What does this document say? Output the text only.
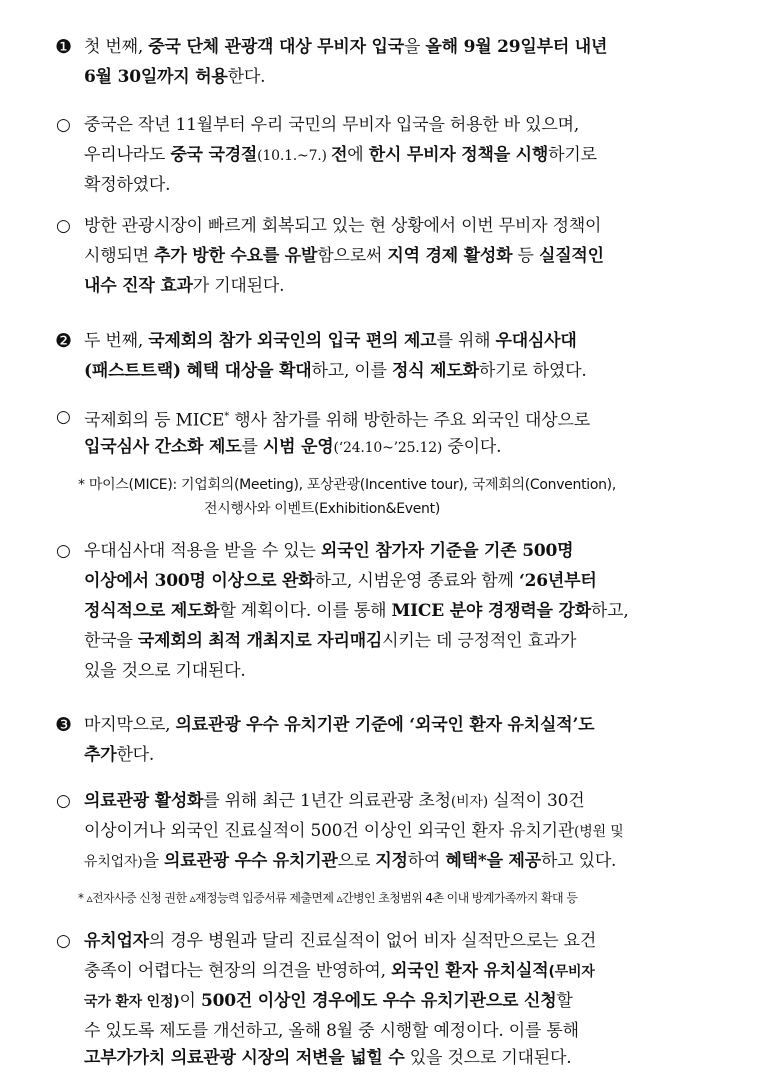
❶ 첫 번째, 중국 단체 관광객 대상 무비자 입국을 올해 9월 29일부터 내년
6월 30일까지 허용한다.
○ 중국은 작년 11월부터 우리 국민의 무비자 입국을 허용한 바 있으며,
우리나라도 중국 국경절(10.1.~7.) 전에 한시 무비자 정책을 시행하기로
확정하였다.
○ 방한 관광시장이 빠르게 회복되고 있는 현 상황에서 이번 무비자 정책이
시행되면 추가 방한 수요를 유발함으로써 지역 경제 활성화 등 실질적인
내수 진작 효과가 기대된다.
❷ 두 번째, 국제회의 참가 외국인의 입국 편의 제고를 위해 우대심사대
(패스트트랙) 혜택 대상을 확대하고, 이를 정식 제도화하기로 하였다.
○ 국제회의 등 MICE* 행사 참가를 위해 방한하는 주요 외국인 대상으로
입국심사 간소화 제도를 시범 운영(‘24.10~’25.12) 중이다.
* 마이스(MICE): 기업회의(Meeting), 포상관광(Incentive tour), 국제회의(Convention),
전시행사와 이벤트(Exhibition&Event)
○ 우대심사대 적용을 받을 수 있는 외국인 참가자 기준을 기존 500명
이상에서 300명 이상으로 완화하고, 시범운영 종료와 함께 ‘26년부터
정식적으로 제도화할 계획이다. 이를 통해 MICE 분야 경쟁력을 강화하고,
한국을 국제회의 최적 개최지로 자리매김시키는 데 긍정적인 효과가
있을 것으로 기대된다.
❸ 마지막으로, 의료관광 우수 유치기관 기준에 ‘외국인 환자 유치실적’도
추가한다.
○ 의료관광 활성화를 위해 최근 1년간 의료관광 초청(비자) 실적이 30건
이상이거나 외국인 진료실적이 500건 이상인 외국인 환자 유치기관(병원 및
유치업자)을 의료관광 우수 유치기관으로 지정하여 혜택*을 제공하고 있다.
* ▵전자사증 신청 권한 ▵재정능력 입증서류 제출면제 ▵간병인 초청범위 4촌 이내 방계가족까지 확대 등
○ 유치업자의 경우 병원과 달리 진료실적이 없어 비자 실적만으로는 요건
충족이 어렵다는 현장의 의견을 반영하여, 외국인 환자 유치실적(무비자
국가 환자 인정)이 500건 이상인 경우에도 우수 유치기관으로 신청할
수 있도록 제도를 개선하고, 올해 8월 중 시행할 예정이다. 이를 통해
고부가가치 의료관광 시장의 저변을 넓힐 수 있을 것으로 기대된다.
